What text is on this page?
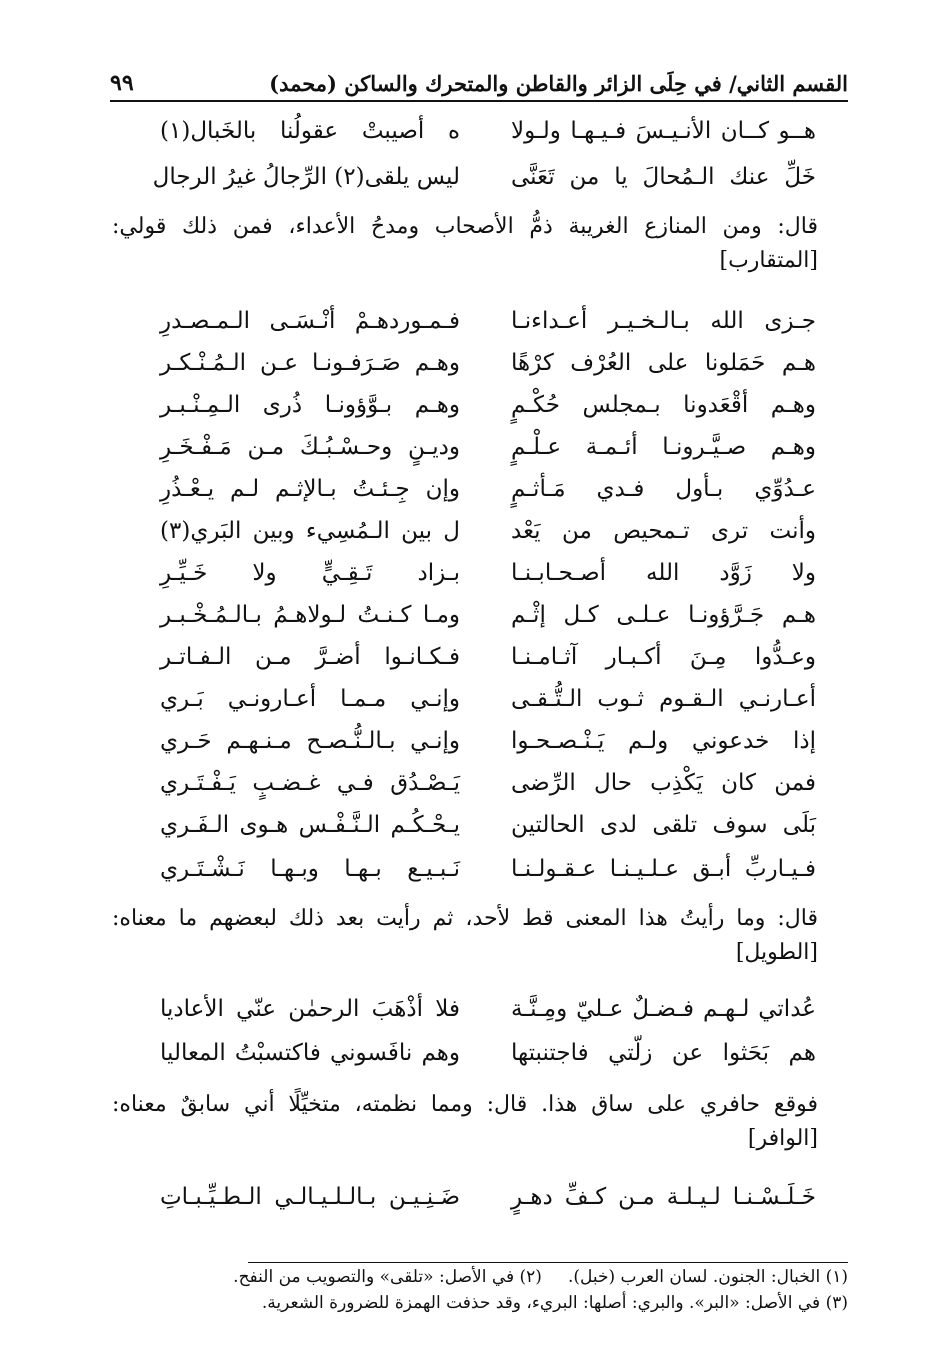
القسم الثاني/ في حِلَى الزائر والقاطن والمتحرك والساكن (محمد)
٩٩
هــو كــان الأنـيـسَ فـيـهـا ولـولا
ه أصيبتْ عقولُنا بالخَبال(١)
خَلِّ عنك الـمُحالَ يا من تَعَنَّى
ليس يلقى(٢) الرِّجالُ غيرُ الرجال
قال: ومن المنازع الغريبة ذمُّ الأصحاب ومدحُ الأعداء، فمن ذلك قولي:
[المتقارب]
جـزى الله بـالـخـيـر أعـداءنـا
فـمـوردهـمْ أنْـسَـى الـمـصـدرِ
هـم حَمَلونا على العُرْف كرْهًا
وهـم صَـرَفـونـا عـن الـمُـنْـكـر
وهـم أقْعَدونا بـمجلس حُكْـمٍ
وهـم بـوَّؤونـا ذُرى الـمِـنْـبـر
وهـم صـيَّـرونـا أئـمـة عـلْـمٍ
وديـنٍ وحـسْـبُـكَ مـن مَـفْـخَـرِ
عـدُوِّي بـأول فـدي مَـأثـمٍ
وإن جِـئـتُ بـالإثـم لـم يـعْـذُرِ
وأنت ترى تـمحيص من يَعْد
ل بين الـمُسِيء وبين البَري(٣)
ولا زَوَّد الله أصـحـابـنـا
بـزاد تَـقِـيٍّ ولا خَـيِّـرِ
هـم جَـرَّؤونـا عـلـى كـل إثْـم
ومـا كـنـتُ لـولاهـمُ بـالـمُـخْـبـر
وعـدُّوا مِـنَ أكـبـار آثـامـنـا
فـكـانـوا أضـرَّ مـن الـفـاتـر
أعـارنـي الـقـوم ثـوب الـتُّـقـى
وإنـي مـمـا أعـارونـي بَـري
إذا خدعوني ولـم يَـنْـصـحـوا
وإنـي بـالـنُّـصـح مـنـهـم حَـري
فمن كان يَكْذِب حال الرِّضى
يَـصْـدُق فـي غـضـبٍ يَـفْـتَـري
بَلَى سوف تلقى لدى الحالتين
يـحْـكُـم الـنَّـفْـس هـوى الـفَـري
فـيـاربِّ أبـق عـلـيـنـا عـقـولـنـا
نَـبـيـع بـهـا وبـهـا نَـشْـتَـري
قال: وما رأيتُ هذا المعنى قط لأحد، ثم رأيت بعد ذلك لبعضهم ما معناه:
[الطويل]
عُداتي لـهـم فـضـلٌ عـليّ ومِـنَّـة
فلا أذْهَبَ الرحمٰن عنّي الأعاديا
هم بَحَثوا عن زلّتي فاجتنبتها
وهم نافَسوني فاكتسبْتُ المعاليا
فوقع حافري على ساق هذا. قال: ومما نظمته، متخيِّلًا أني سابقٌ معناه:
[الوافر]
خَـلَـسْـنـا لـيـلـة مـن كـفِّ دهـرٍ
ضَـنِـيـن بـالـلـيـالـي الـطـيِّـبـاتِ
(١) الخبال: الجنون. لسان العرب (خبل).(٢) في الأصل: «تلقى» والتصويب من النفح.
(٣) في الأصل: «البر». والبري: أصلها: البريء، وقد حذفت الهمزة للضرورة الشعرية.
